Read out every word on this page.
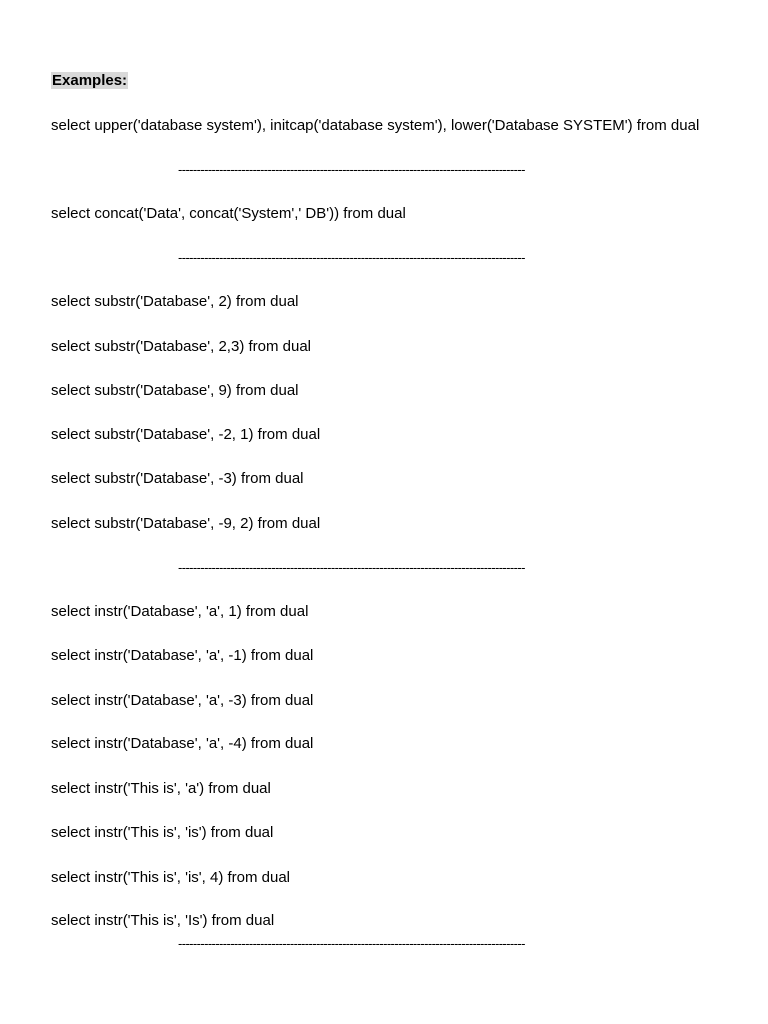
Examples:
select upper('database system'), initcap('database system'), lower('Database SYSTEM') from dual
---------------------------------------------------------------------------------------------
select concat('Data', concat('System',' DB')) from dual
---------------------------------------------------------------------------------------------
select substr('Database', 2) from dual
select substr('Database', 2,3) from dual
select substr('Database', 9) from dual
select substr('Database', -2, 1) from dual
select substr('Database', -3) from dual
select substr('Database', -9, 2) from dual
---------------------------------------------------------------------------------------------
select instr('Database', 'a', 1) from dual
select instr('Database', 'a', -1) from dual
select instr('Database', 'a', -3) from dual
select instr('Database', 'a', -4) from dual
select instr('This is', 'a') from dual
select instr('This is', 'is') from dual
select instr('This is', 'is', 4) from dual
select instr('This is', 'Is') from dual
---------------------------------------------------------------------------------------------
